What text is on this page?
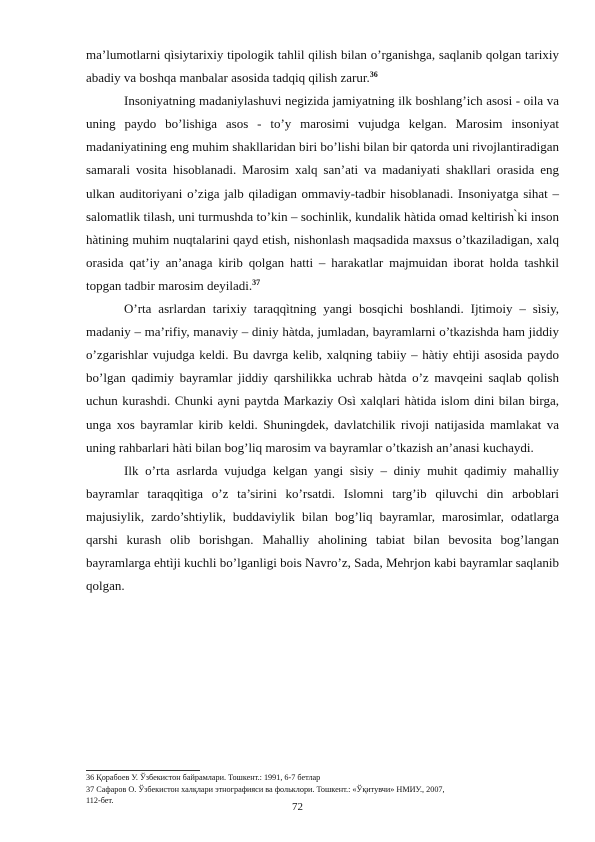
ma’lumotlarni qìsiytarixiy tipologik tahlil qilish bilan o’rganishga, saqlanib qolgan tarixiy abadiy va boshqa manbalar asosida tadqiq qilish zarur.$^{36}$

Insoniyatning madaniylashuvi negizida jamiyatning ilk boshlang’ich asosi - oila va uning paydo bo’lishiga asos - to’y marosimi vujudga kelgan. Marosim insoniyat madaniyatining eng muhim shakllaridan biri bo’lishi bilan bir qatorda uni rivojlantiradigan samarali vosita hisoblanadi. Marosim xalq san’ati va madaniyati shakllari orasida eng ulkan auditoriyani o’ziga jalb qiladigan ommaviy-tadbir hisoblanadi. Insoniyatga sihat – salomatlik tilash, uni turmushda to’kin – sochinlik, kundalik hàtida omad keltirish ̀ki inson hàtining muhim nuqtalarini qayd etish, nishonlash maqsadida maxsus o’tkaziladigan, xalq orasida qat’iy an’anaga kirib qolgan hatti – harakatlar majmuidan iborat holda tashkil topgan tadbir marosim deyiladi.$^{37}$

O’rta asrlardan tarixiy taraqqìtning yangi bosqichi boshlandi. Ijtimoiy – sìsiy, madaniy – ma’rifiy, manaviy – diniy hàtda, jumladan, bayramlarni o’tkazishda ham jiddiy o’zgarishlar vujudga keldi. Bu davrga kelib, xalqning tabiiy – hàtiy ehtìji asosida paydo bo’lgan qadimiy bayramlar jiddiy qarshilikka uchrab hàtda o’z mavqeini saqlab qolish uchun kurashdi. Chunki ayni paytda Markaziy Osì xalqlari hàtida islom dini bilan birga, unga xos bayramlar kirib keldi. Shuningdek, davlatchilik rivoji natijasida mamlakat va uning rahbarlari hàti bilan bog’liq marosim va bayramlar o’tkazish an’anasi kuchaydi.

Ilk o’rta asrlarda vujudga kelgan yangi sìsiy – diniy muhit qadimiy mahalliy bayramlar taraqqìtiga o’z ta’sirini ko’rsatdi. Islomni targ’ib qiluvchi din arboblari majusiylik, zardo’shtiylik, buddaviylik bilan bog’liq bayramlar, marosimlar, odatlarga qarshi kurash olib borishgan. Mahalliy aholining tabiat bilan bevosita bog’langan bayramlarga ehtìji kuchli bo’lganligi bois Navro’z, Sada, Mehrjon kabi bayramlar saqlanib qolgan.

36 Қорабоев У. Ўзбекистон байрамлари. Тошкент.: 1991, 6-7 бетлар

37 Сафаров О. Ўзбекистон халқлари этнографияси ва фольклори. Тошкент.: «Ўқитувчи» НМИУ., 2007,

112-бет.

72
